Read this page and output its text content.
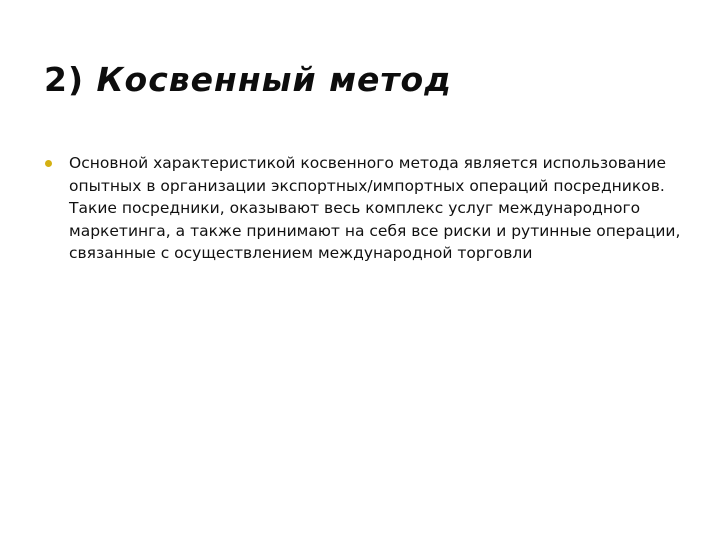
2) Косвенный метод
Основной характеристикой косвенного метода является использование опытных в организации экспортных/импортных операций посредников. Такие посредники, оказывают весь комплекс услуг международного маркетинга, а также принимают на себя все риски и рутинные операции, связанные с осуществлением международной торговли
